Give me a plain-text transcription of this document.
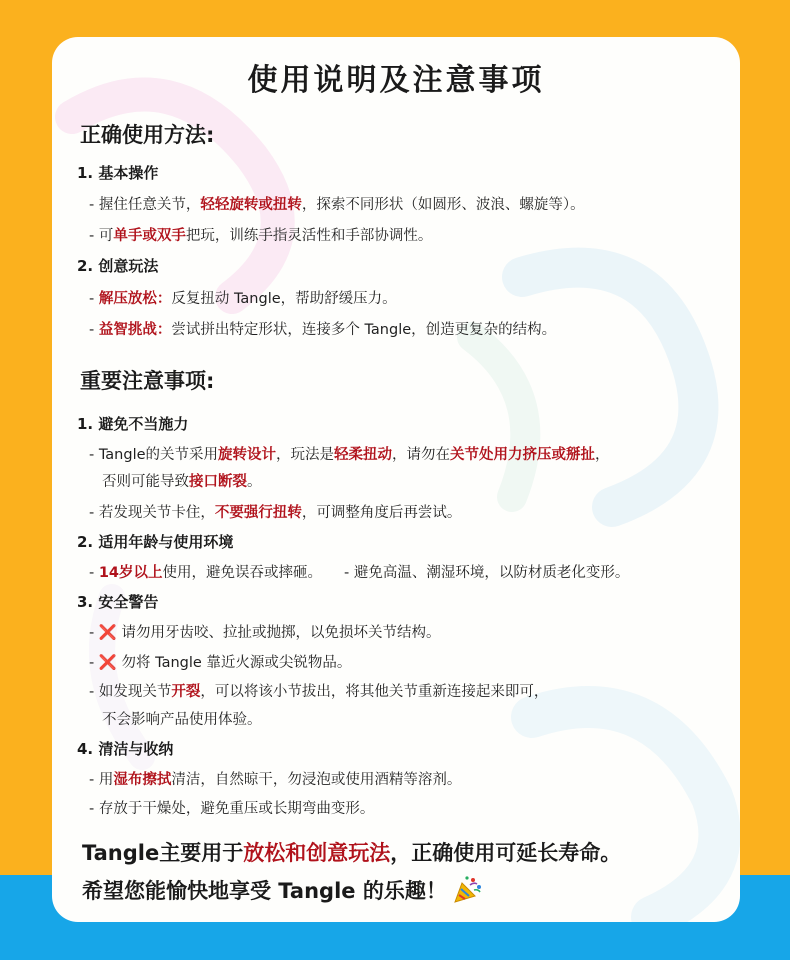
使用说明及注意事项
正确使用方法:
1. 基本操作
- 握住任意关节，轻轻旋转或扭转，探索不同形状（如圆形、波浪、螺旋等）。
- 可单手或双手把玩，训练手指灵活性和手部协调性。
2. 创意玩法
- 解压放松：反复扭动 Tangle，帮助舒缓压力。
- 益智挑战：尝试拼出特定形状，连接多个 Tangle，创造更复杂的结构。
重要注意事项:
1. 避免不当施力
- Tangle的关节采用旋转设计，玩法是轻柔扭动，请勿在关节处用力挤压或掰扯，
否则可能导致接口断裂。
- 若发现关节卡住，不要强行扭转，可调整角度后再尝试。
2. 适用年龄与使用环境
- 14岁以上使用，避免误吞或摔砸。 - 避免高温、潮湿环境，以防材质老化变形。
3. 安全警告
- ❌ 请勿用牙齿咬、拉扯或抛掷，以免损坏关节结构。
- ❌ 勿将 Tangle 靠近火源或尖锐物品。
- 如发现关节开裂，可以将该小节拔出，将其他关节重新连接起来即可，
不会影响产品使用体验。
4. 清洁与收纳
- 用湿布擦拭清洁，自然晾干，勿浸泡或使用酒精等溶剂。
- 存放于干燥处，避免重压或长期弯曲变形。
Tangle主要用于放松和创意玩法，正确使用可延长寿命。
希望您能愉快地享受 Tangle 的乐趣！
